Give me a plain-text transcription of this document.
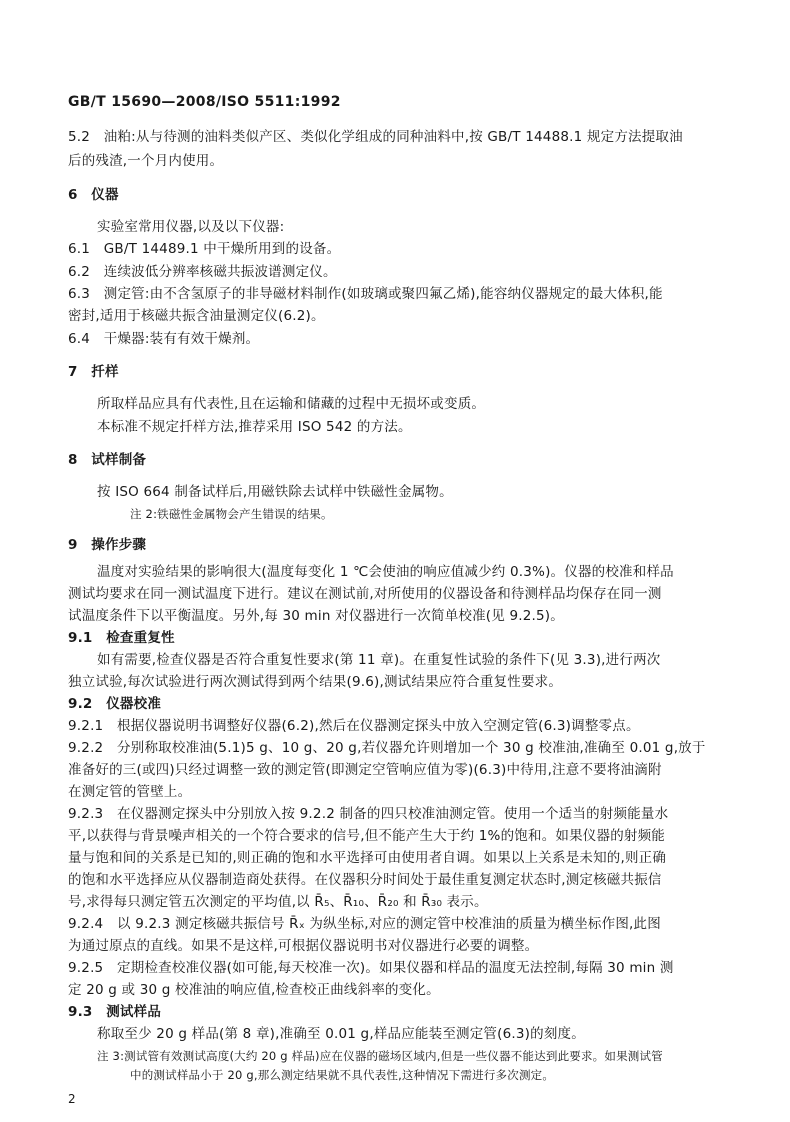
GB/T 15690—2008/ISO 5511:1992
5.2　油粕:从与待测的油料类似产区、类似化学组成的同种油料中,按 GB/T 14488.1 规定方法提取油
后的残渣,一个月内使用。
6　仪器
实验室常用仪器,以及以下仪器:
6.1　GB/T 14489.1 中干燥所用到的设备。
6.2　连续波低分辨率核磁共振波谱测定仪。
6.3　测定管:由不含氢原子的非导磁材料制作(如玻璃或聚四氟乙烯),能容纳仪器规定的最大体积,能
密封,适用于核磁共振含油量测定仪(6.2)。
6.4　干燥器:装有有效干燥剂。
7　扦样
所取样品应具有代表性,且在运输和储藏的过程中无损坏或变质。
本标准不规定扦样方法,推荐采用 ISO 542 的方法。
8　试样制备
按 ISO 664 制备试样后,用磁铁除去试样中铁磁性金属物。
注 2:铁磁性金属物会产生错误的结果。
9　操作步骤
温度对实验结果的影响很大(温度每变化 1 ℃会使油的响应值减少约 0.3%)。仪器的校准和样品
测试均要求在同一测试温度下进行。建议在测试前,对所使用的仪器设备和待测样品均保存在同一测
试温度条件下以平衡温度。另外,每 30 min 对仪器进行一次简单校准(见 9.2.5)。
9.1　检查重复性
如有需要,检查仪器是否符合重复性要求(第 11 章)。在重复性试验的条件下(见 3.3),进行两次
独立试验,每次试验进行两次测试得到两个结果(9.6),测试结果应符合重复性要求。
9.2　仪器校准
9.2.1　根据仪器说明书调整好仪器(6.2),然后在仪器测定探头中放入空测定管(6.3)调整零点。
9.2.2　分别称取校准油(5.1)5 g、10 g、20 g,若仪器允许则增加一个 30 g 校准油,准确至 0.01 g,放于
准备好的三(或四)只经过调整一致的测定管(即测定空管响应值为零)(6.3)中待用,注意不要将油滴附
在测定管的管壁上。
9.2.3　在仪器测定探头中分别放入按 9.2.2 制备的四只校准油测定管。使用一个适当的射频能量水
平,以获得与背景噪声相关的一个符合要求的信号,但不能产生大于约 1%的饱和。如果仪器的射频能
量与饱和间的关系是已知的,则正确的饱和水平选择可由使用者自调。如果以上关系是未知的,则正确
的饱和水平选择应从仪器制造商处获得。在仪器积分时间处于最佳重复测定状态时,测定核磁共振信
号,求得每只测定管五次测定的平均值,以 R̄₅、R̄₁₀、R̄₂₀ 和 R̄₃₀ 表示。
9.2.4　以 9.2.3 测定核磁共振信号 R̄ₓ 为纵坐标,对应的测定管中校准油的质量为横坐标作图,此图
为通过原点的直线。如果不是这样,可根据仪器说明书对仪器进行必要的调整。
9.2.5　定期检查校准仪器(如可能,每天校准一次)。如果仪器和样品的温度无法控制,每隔 30 min 测
定 20 g 或 30 g 校准油的响应值,检查校正曲线斜率的变化。
9.3　测试样品
称取至少 20 g 样品(第 8 章),准确至 0.01 g,样品应能装至测定管(6.3)的刻度。
注 3:测试管有效测试高度(大约 20 g 样品)应在仪器的磁场区域内,但是一些仪器不能达到此要求。如果测试管
中的测试样品小于 20 g,那么测定结果就不具代表性,这种情况下需进行多次测定。
2
